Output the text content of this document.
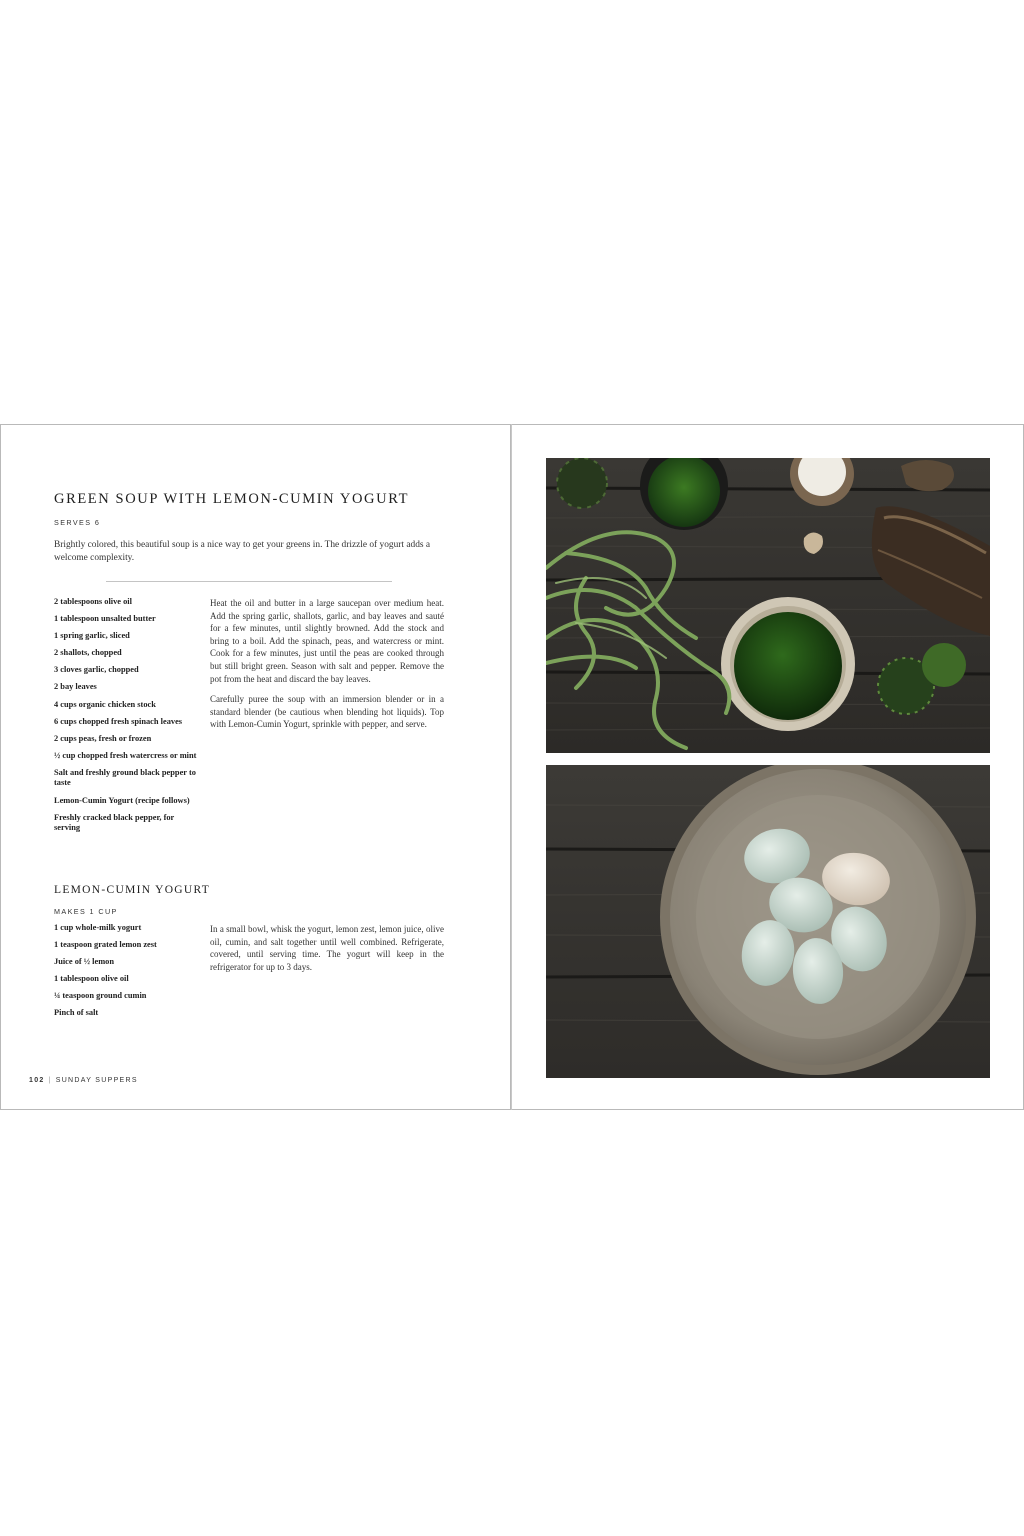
GREEN SOUP WITH LEMON-CUMIN YOGURT
SERVES 6
Brightly colored, this beautiful soup is a nice way to get your greens in. The drizzle of yogurt adds a welcome complexity.
2 tablespoons olive oil
1 tablespoon unsalted butter
1 spring garlic, sliced
2 shallots, chopped
3 cloves garlic, chopped
2 bay leaves
4 cups organic chicken stock
6 cups chopped fresh spinach leaves
2 cups peas, fresh or frozen
½ cup chopped fresh watercress or mint
Salt and freshly ground black pepper to taste
Lemon-Cumin Yogurt (recipe follows)
Freshly cracked black pepper, for serving

Heat the oil and butter in a large saucepan over medium heat. Add the spring garlic, shallots, garlic, and bay leaves and sauté for a few minutes, until slightly browned. Add the stock and bring to a boil. Add the spinach, peas, and watercress or mint. Cook for a few minutes, just until the peas are cooked through but still bright green. Season with salt and pepper. Remove the pot from the heat and discard the bay leaves.

Carefully puree the soup with an immersion blender or in a standard blender (be cautious when blending hot liquids). Top with Lemon-Cumin Yogurt, sprinkle with pepper, and serve.

LEMON-CUMIN YOGURT
MAKES 1 CUP
1 cup whole-milk yogurt
1 teaspoon grated lemon zest
Juice of ½ lemon
1 tablespoon olive oil
¼ teaspoon ground cumin
Pinch of salt

In a small bowl, whisk the yogurt, lemon zest, lemon juice, olive oil, cumin, and salt together until well combined. Refrigerate, covered, until serving time. The yogurt will keep in the refrigerator for up to 3 days.

102 | SUNDAY SUPPERS
